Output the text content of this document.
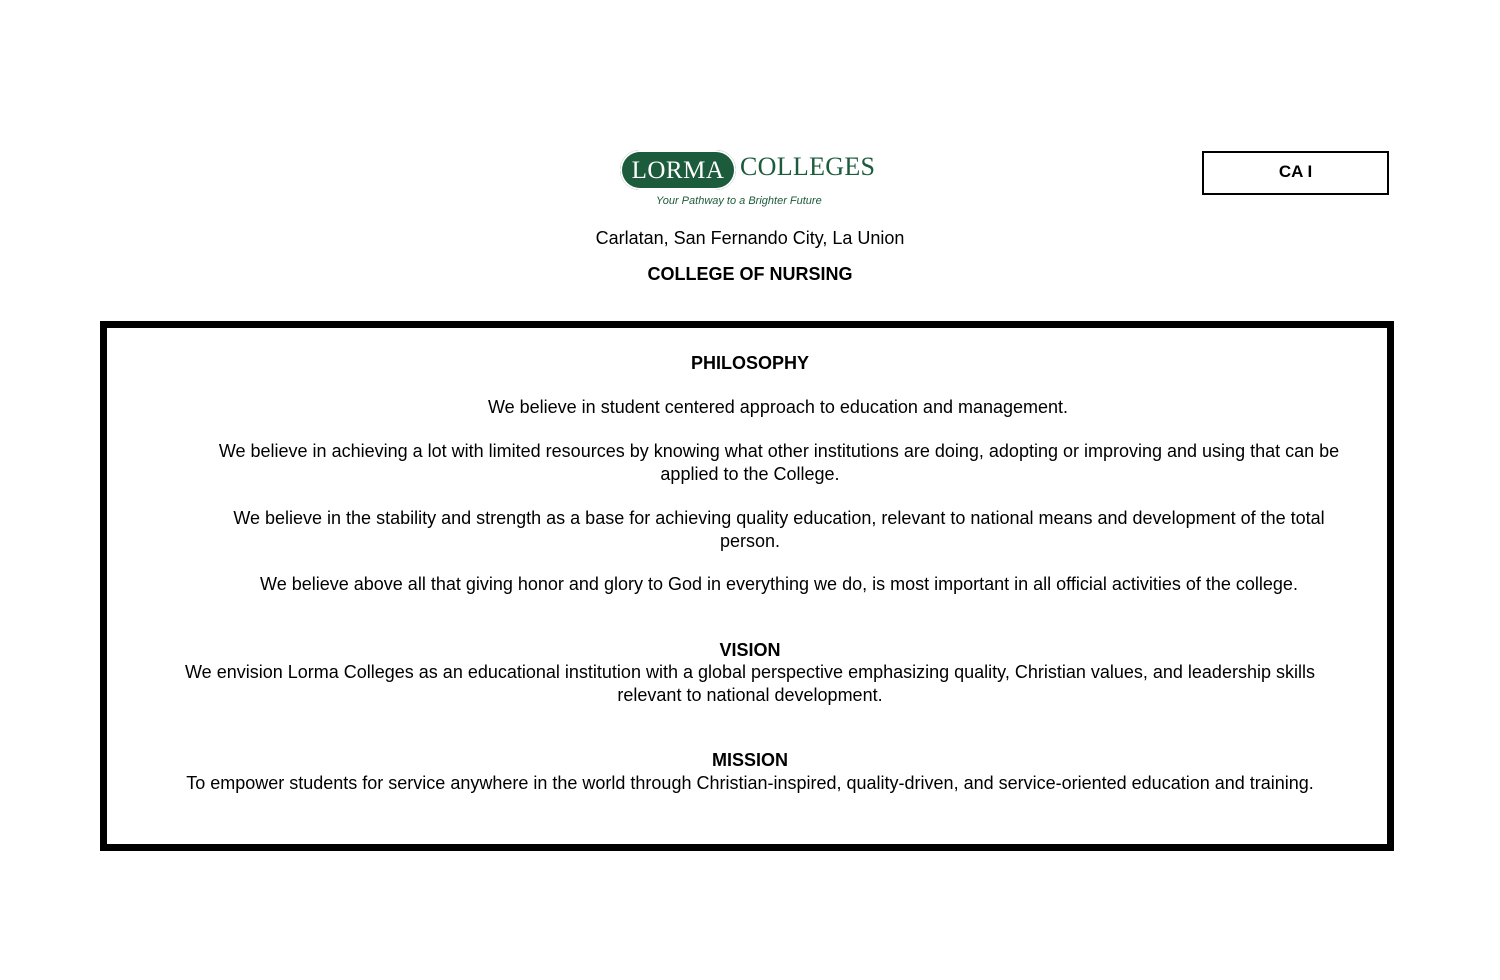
LORMA COLLEGES
Your Pathway to a Brighter Future
Carlatan, San Fernando City, La Union
COLLEGE OF NURSING
CA I
PHILOSOPHY
We believe in student centered approach to education and management.
We believe in achieving a lot with limited resources by knowing what other institutions are doing, adopting or improving and using that can be
applied to the College.
We believe in the stability and strength as a base for achieving quality education, relevant to national means and development of the total
person.
We believe above all that giving honor and glory to God in everything we do, is most important in all official activities of the college.
VISION
We envision Lorma Colleges as an educational institution with a global perspective emphasizing quality, Christian values, and leadership skills
relevant to national development.
MISSION
To empower students for service anywhere in the world through Christian-inspired, quality-driven, and service-oriented education and training.
